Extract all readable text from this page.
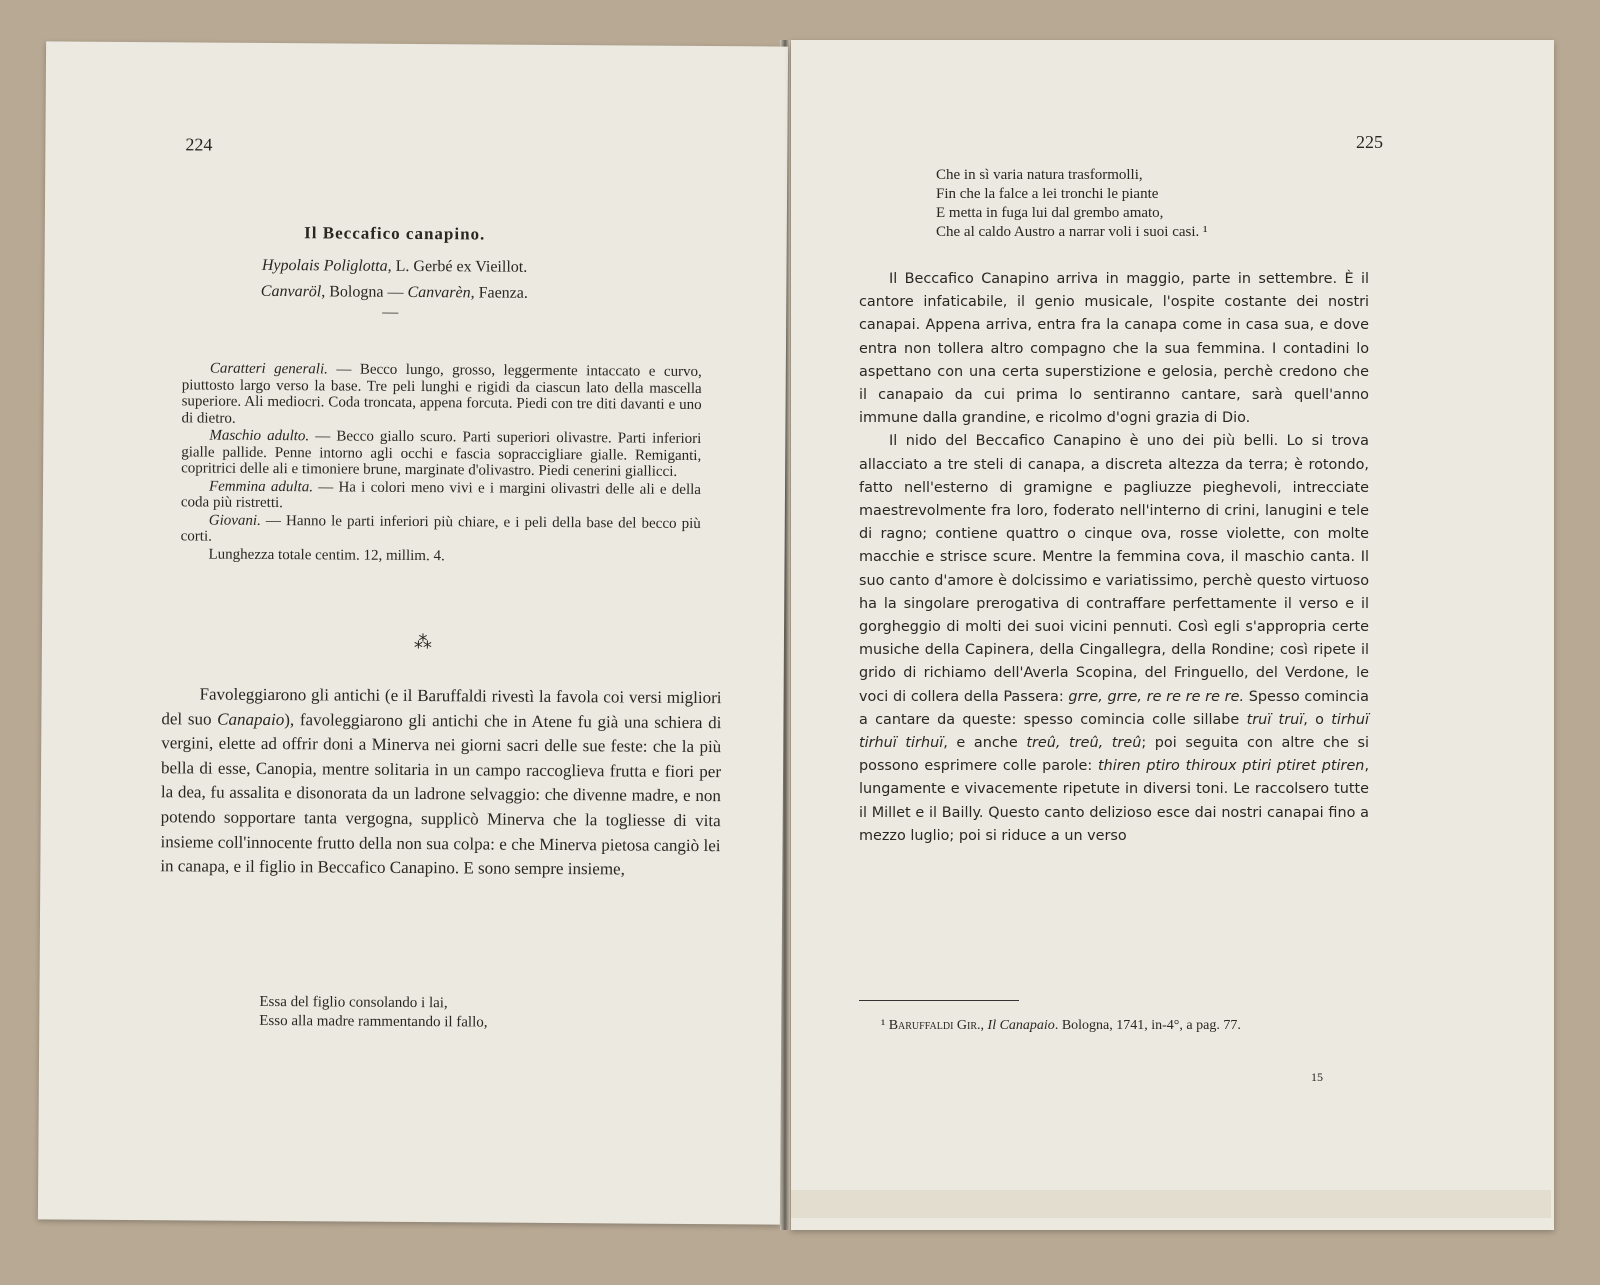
224
Il Beccafico canapino.
Hypolais Poliglotta, L. Gerbé ex Vieillot.
Canvaröl, Bologna — Canvarèn, Faenza.
—

Caratteri generali. — Becco lungo, grosso, leggermente intaccato e curvo, piuttosto largo verso la base. Tre peli lunghi e rigidi da ciascun lato della mascella superiore. Ali mediocri. Coda troncata, appena forcuta. Piedi con tre diti davanti e uno di dietro.

Maschio adulto. — Becco giallo scuro. Parti superiori olivastre. Parti inferiori gialle pallide. Penne intorno agli occhi e fascia sopraccigliare gialle. Remiganti, copritrici delle ali e timoniere brune, marginate d'olivastro. Piedi cenerini giallicci.

Femmina adulta. — Ha i colori meno vivi e i margini olivastri delle ali e della coda più ristretti.

Giovani. — Hanno le parti inferiori più chiare, e i peli della base del becco più corti.

Lunghezza totale centim. 12, millim. 4.

⁂

Favoleggiarono gli antichi (e il Baruffaldi rivestì la favola coi versi migliori del suo Canapaio), favoleggiarono gli antichi che in Atene fu già una schiera di vergini, elette ad offrir doni a Minerva nei giorni sacri delle sue feste: che la più bella di esse, Canopia, mentre solitaria in un campo raccoglieva frutta e fiori per la dea, fu assalita e disonorata da un ladrone selvaggio: che divenne madre, e non potendo sopportare tanta vergogna, supplicò Minerva che la togliesse di vita insieme coll'innocente frutto della non sua colpa: e che Minerva pietosa cangiò lei in canapa, e il figlio in Beccafico Canapino. E sono sempre insieme,

Essa del figlio consolando i lai,
Esso alla madre rammentando il fallo,
225
Che in sì varia natura trasformolli,
Fin che la falce a lei tronchi le piante
E metta in fuga lui dal grembo amato,
Che al caldo Austro a narrar voli i suoi casi. ¹

Il Beccafico Canapino arriva in maggio, parte in settembre. È il cantore infaticabile, il genio musicale, l'ospite costante dei nostri canapai. Appena arriva, entra fra la canapa come in casa sua, e dove entra non tollera altro compagno che la sua femmina. I contadini lo aspettano con una certa superstizione e gelosia, perchè credono che il canapaio da cui prima lo sentiranno cantare, sarà quell'anno immune dalla grandine, e ricolmo d'ogni grazia di Dio.

Il nido del Beccafico Canapino è uno dei più belli. Lo si trova allacciato a tre steli di canapa, a discreta altezza da terra; è rotondo, fatto nell'esterno di gramigne e pagliuzze pieghevoli, intrecciate maestrevolmente fra loro, foderato nell'interno di crini, lanugini e tele di ragno; contiene quattro o cinque ova, rosse violette, con molte macchie e strisce scure. Mentre la femmina cova, il maschio canta. Il suo canto d'amore è dolcissimo e variatissimo, perchè questo virtuoso ha la singolare prerogativa di contraffare perfettamente il verso e il gorgheggio di molti dei suoi vicini pennuti. Così egli s'appropria certe musiche della Capinera, della Cingallegra, della Rondine; così ripete il grido di richiamo dell'Averla Scopina, del Fringuello, del Verdone, le voci di collera della Passera: grre, grre, re re re re re. Spesso comincia a cantare da queste: spesso comincia colle sillabe truï truï, o tirhuï tirhuï tirhuï, e anche treû, treû, treû; poi seguita con altre che si possono esprimere colle parole: thiren ptiro thiroux ptiri ptiret ptiren, lungamente e vivacemente ripetute in diversi toni. Le raccolsero tutte il Millet e il Bailly. Questo canto delizioso esce dai nostri canapai fino a mezzo luglio; poi si riduce a un verso

¹ Baruffaldi Gir., Il Canapaio. Bologna, 1741, in-4°, a pag. 77.
15
